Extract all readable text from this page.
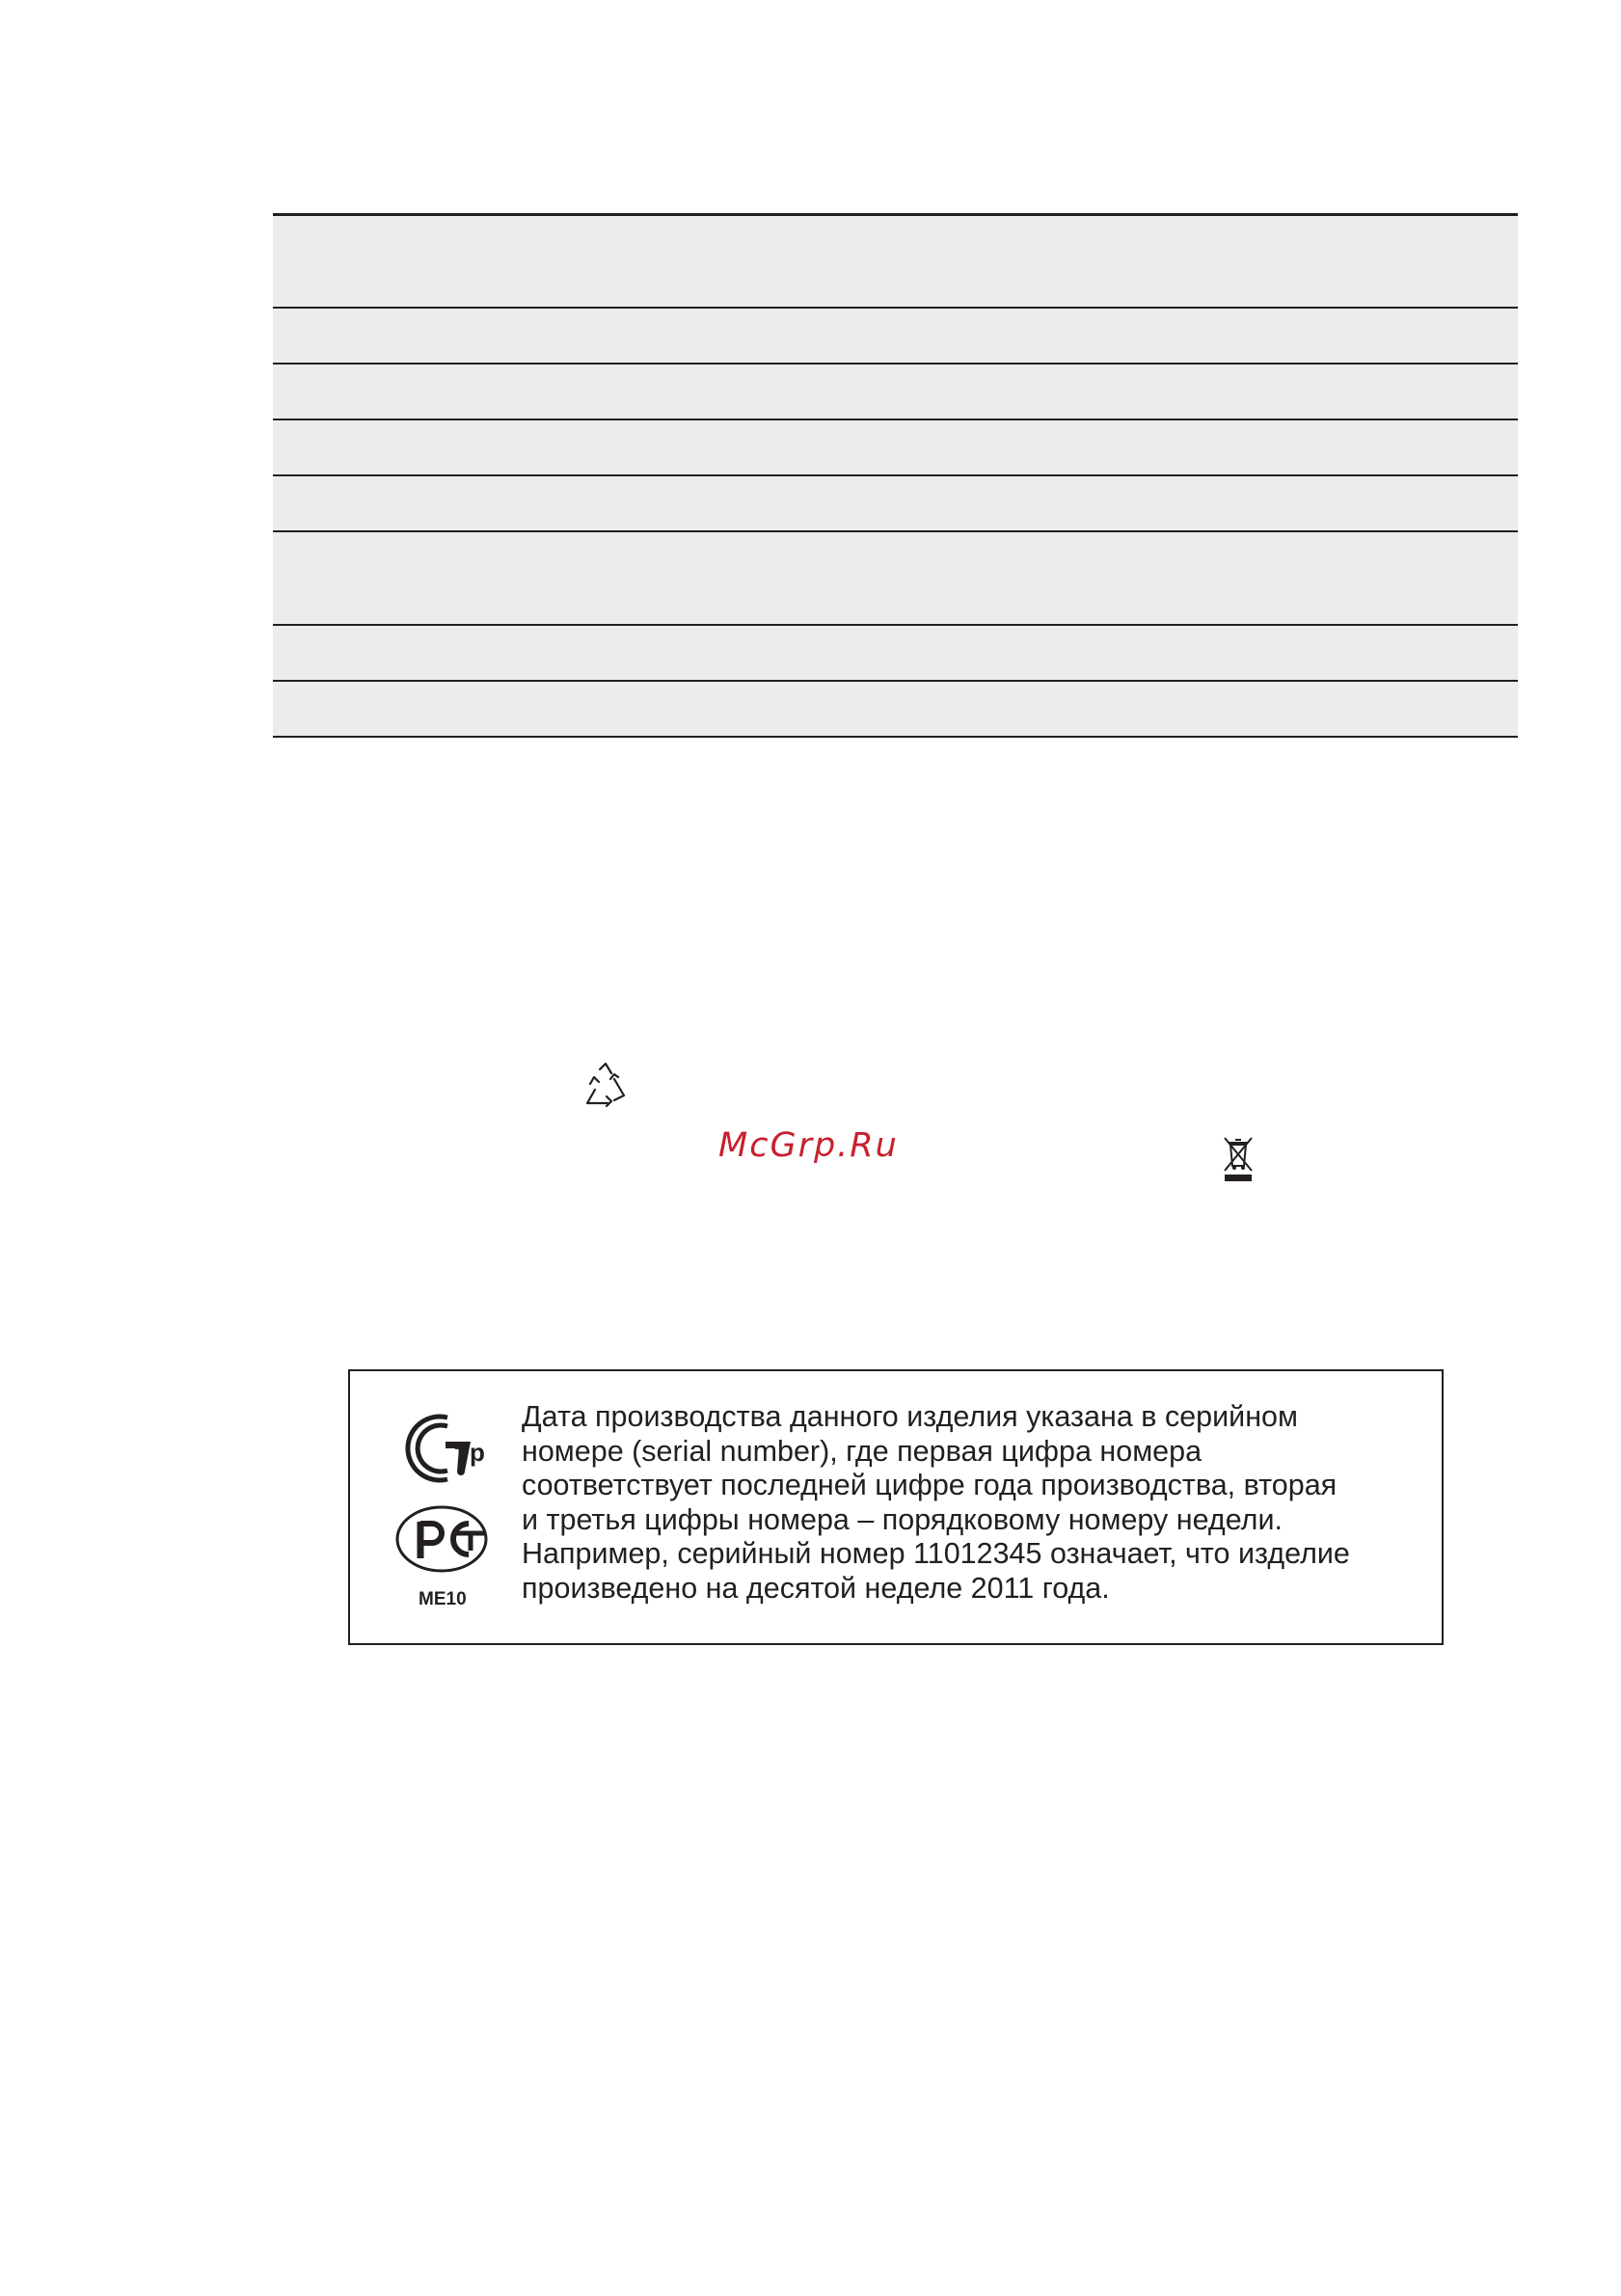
McGrp.Ru
т р
ME10
Дата производства данного изделия указана в серийном
номере (serial number), где первая цифра номера
соответствует последней цифре года производства, вторая
и третья цифры номера – порядковому номеру недели.
Например, серийный номер 11012345 означает, что изделие
произведено на десятой неделе 2011 года.
